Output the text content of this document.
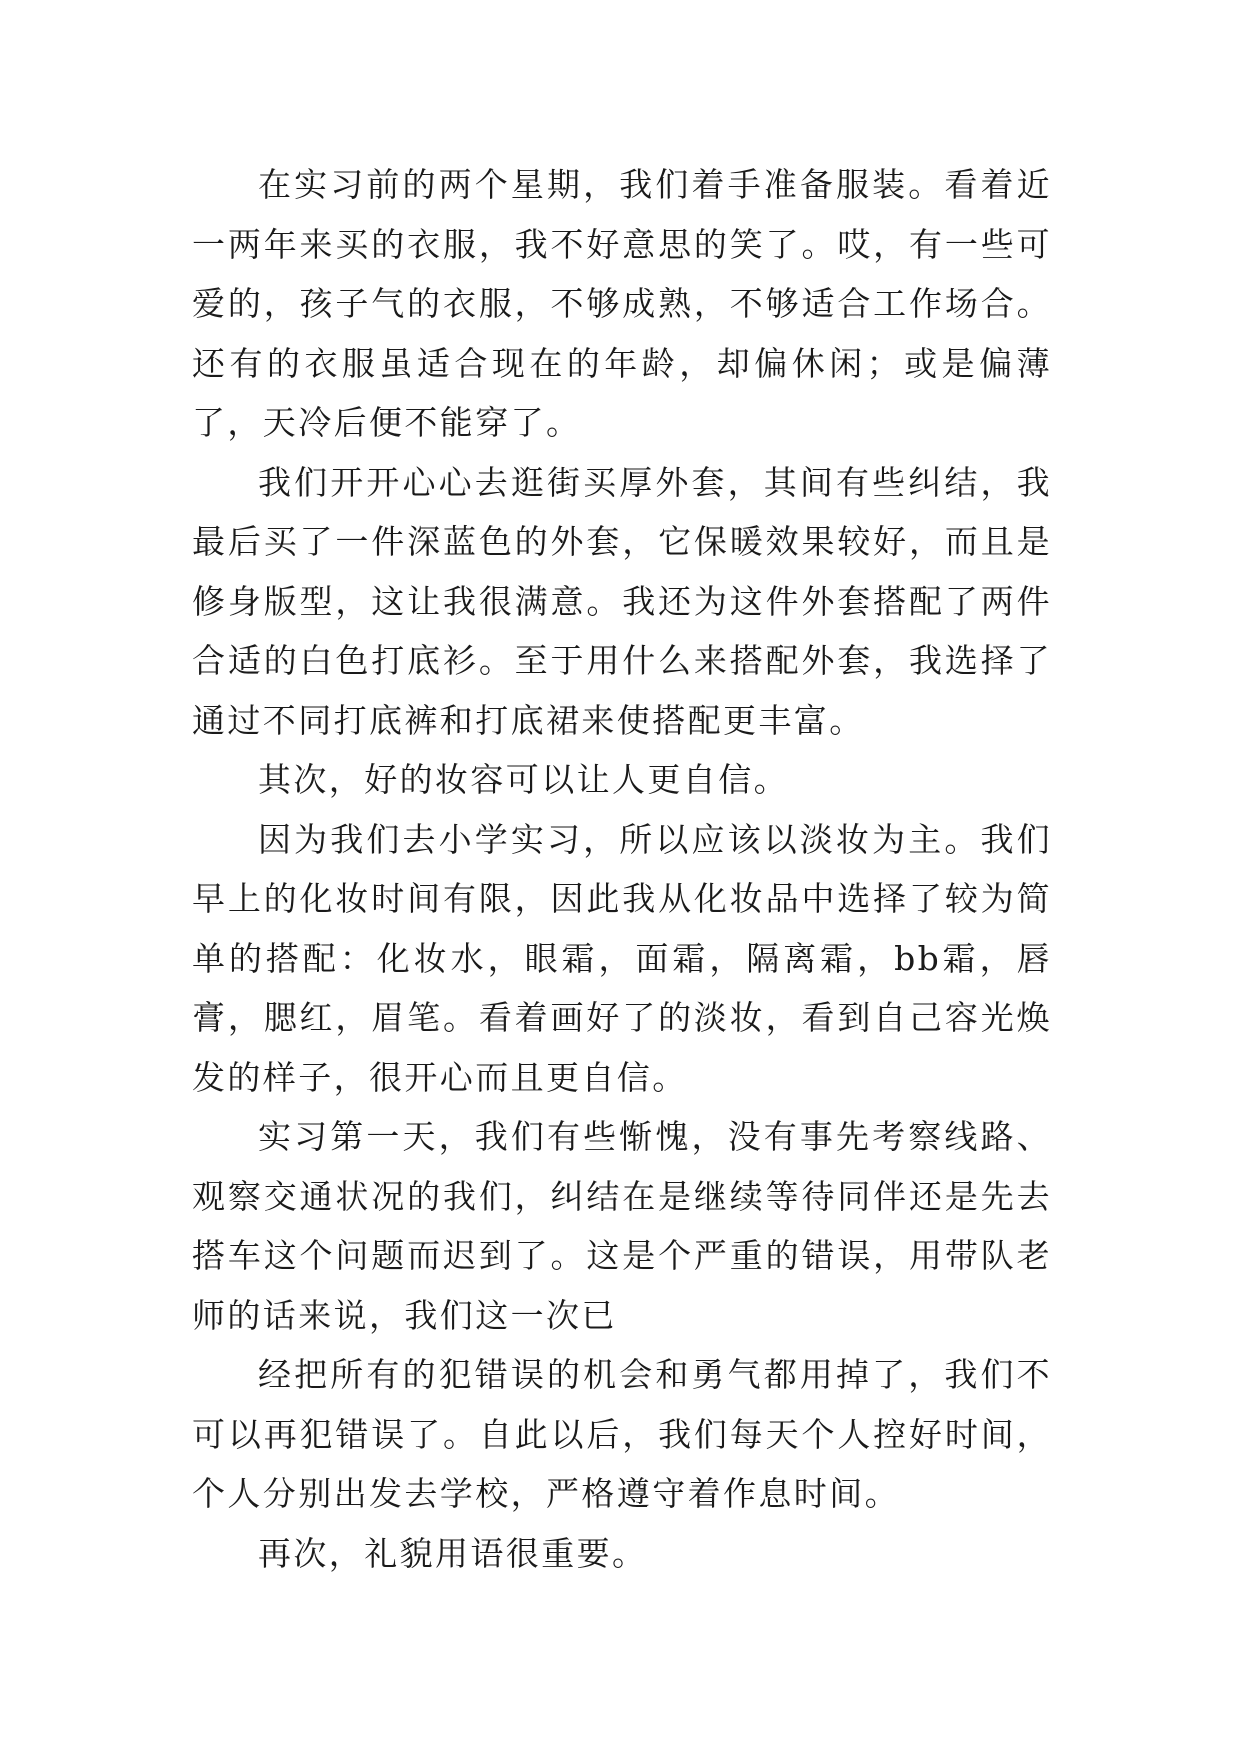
在实习前的两个星期，我们着手准备服装。看着近一两年来买的衣服，我不好意思的笑了。哎，有一些可爱的，孩子气的衣服，不够成熟，不够适合工作场合。还有的衣服虽适合现在的年龄，却偏休闲；或是偏薄了，天冷后便不能穿了。

我们开开心心去逛街买厚外套，其间有些纠结，我最后买了一件深蓝色的外套，它保暖效果较好，而且是修身版型，这让我很满意。我还为这件外套搭配了两件合适的白色打底衫。至于用什么来搭配外套，我选择了通过不同打底裤和打底裙来使搭配更丰富。

其次，好的妆容可以让人更自信。

因为我们去小学实习，所以应该以淡妆为主。我们早上的化妆时间有限，因此我从化妆品中选择了较为简单的搭配：化妆水，眼霜，面霜，隔离霜，bb霜，唇膏，腮红，眉笔。看着画好了的淡妆，看到自己容光焕发的样子，很开心而且更自信。

实习第一天，我们有些惭愧，没有事先考察线路、观察交通状况的我们，纠结在是继续等待同伴还是先去搭车这个问题而迟到了。这是个严重的错误，用带队老师的话来说，我们这一次已

经把所有的犯错误的机会和勇气都用掉了，我们不可以再犯错误了。自此以后，我们每天个人控好时间，个人分别出发去学校，严格遵守着作息时间。

再次，礼貌用语很重要。
